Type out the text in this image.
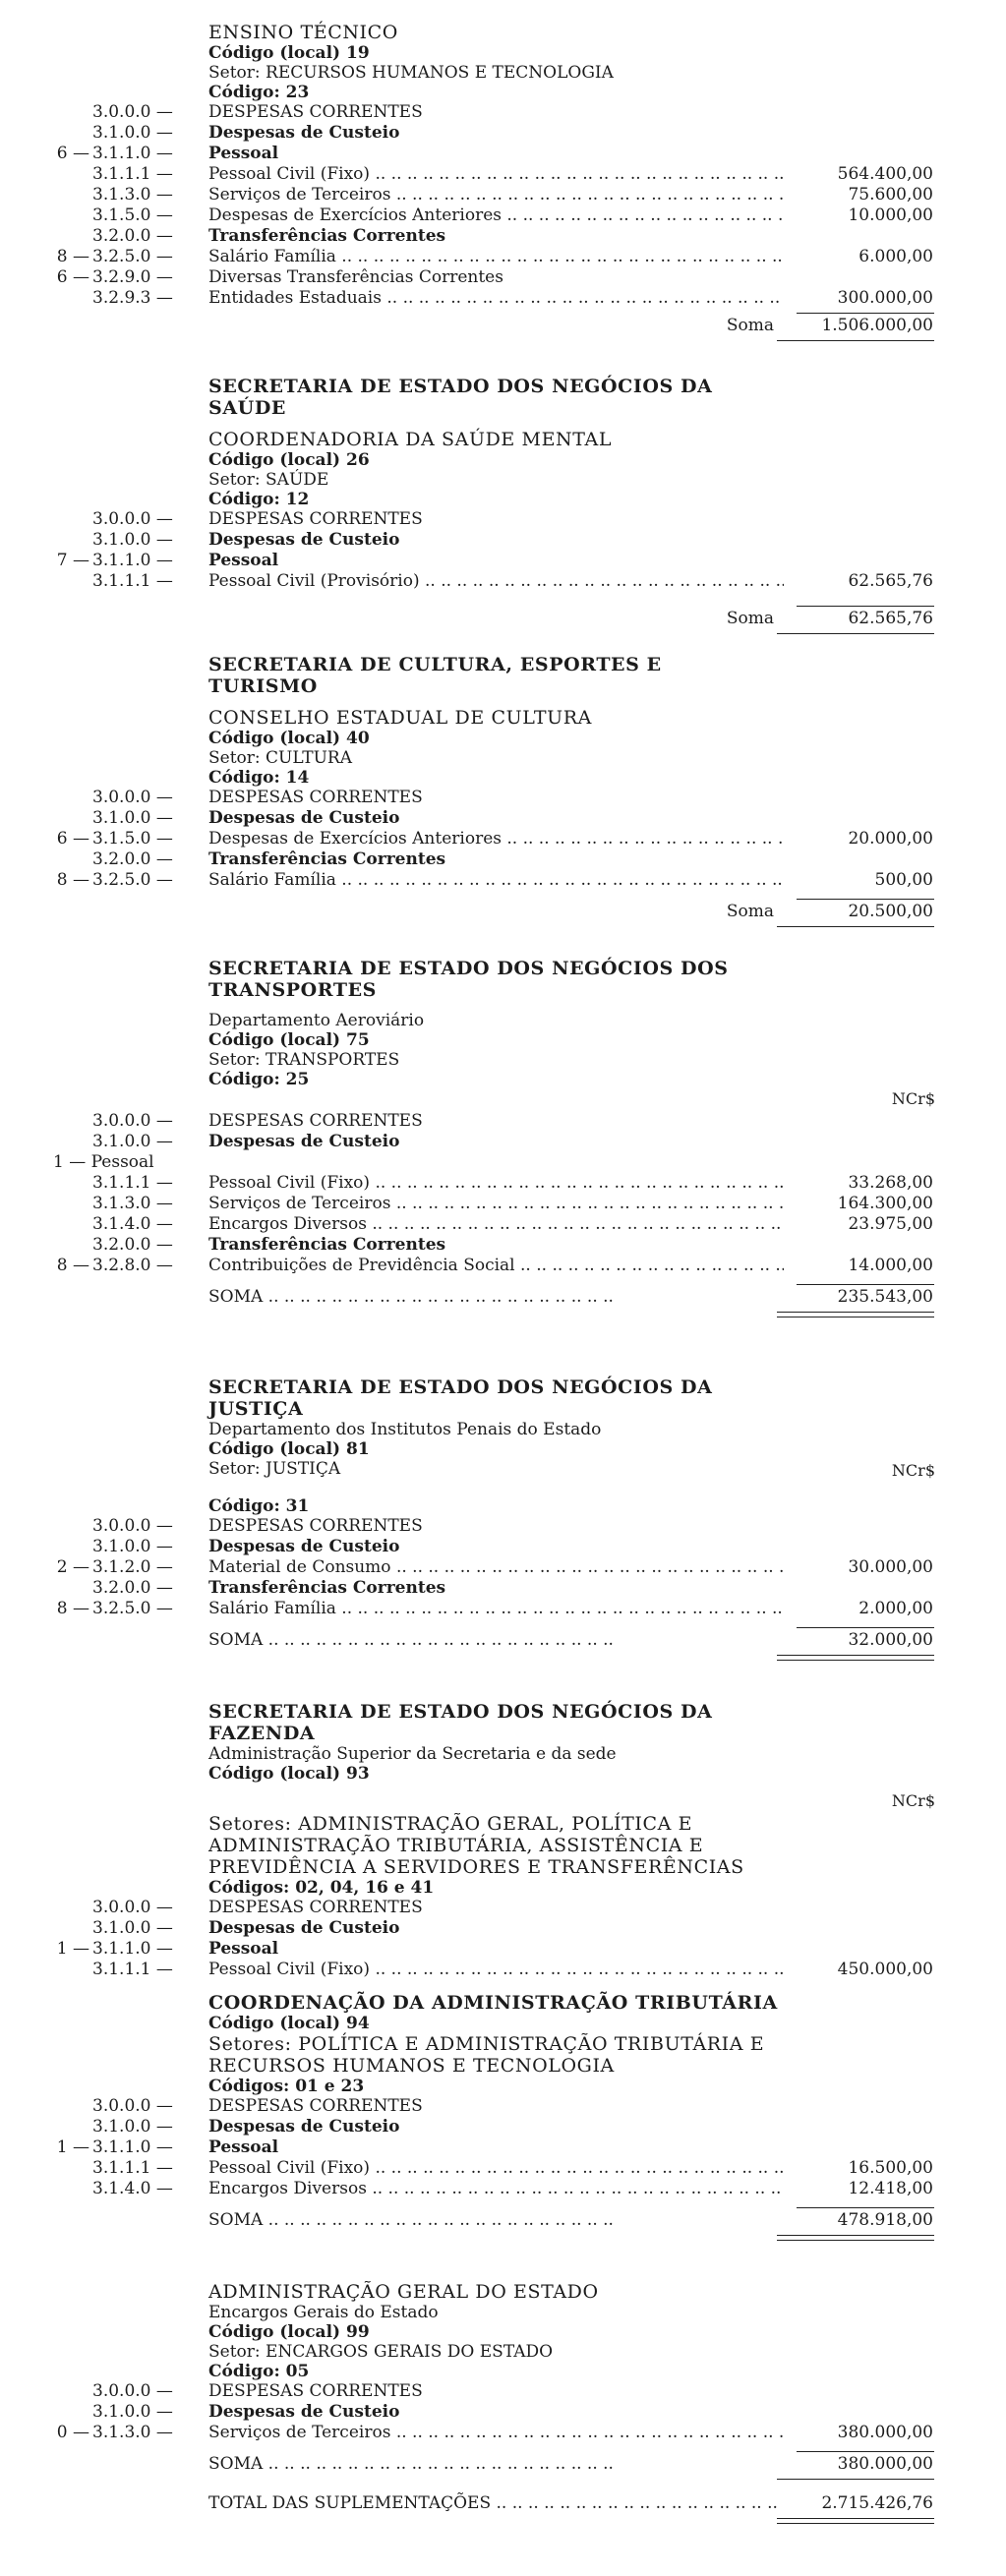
ENSINO TÉCNICO
Código (local) 19
Setor: RECURSOS HUMANOS E TECNOLOGIA
Código: 23
3.0.0.0 — DESPESAS CORRENTES
3.1.0.0 — Despesas de Custeio
6 — 3.1.1.0 — Pessoal
3.1.1.1 — Pessoal Civil (Fixo) .. ..	564.400,00
3.1.3.0 — Serviços de Terceiros .. ..	75.600,00
3.1.5.0 — Despesas de Exercícios Anteriores .. ..	10.000,00
3.2.0.0 — Transferências Correntes
8 — 3.2.5.0 — Salário Família .. ..	6.000,00
6 — 3.2.9.0 — Diversas Transferências Correntes
3.2.9.3 — Entidades Estaduais .. ..	300.000,00
Soma	1.506.000,00
SECRETARIA DE ESTADO DOS NEGÓCIOS DA SAÚDE
COORDENADORIA DA SAÚDE MENTAL
Código (local) 26
Setor: SAÚDE
Código: 12
3.0.0.0 — DESPESAS CORRENTES
3.1.0.0 — Despesas de Custeio
7 — 3.1.1.0 — Pessoal
3.1.1.1 — Pessoal Civil (Provisório) .. ..	62.565,76
Soma	62.565,76
SECRETARIA DE CULTURA, ESPORTES E TURISMO
CONSELHO ESTADUAL DE CULTURA
Código (local) 40
Setor: CULTURA
Código: 14
3.0.0.0 — DESPESAS CORRENTES
3.1.0.0 — Despesas de Custeio
6 — 3.1.5.0 — Despesas de Exercícios Anteriores .. ..	20.000,00
3.2.0.0 — Transferências Correntes
8 — 3.2.5.0 — Salário Família .. ..	500,00
Soma	20.500,00
SECRETARIA DE ESTADO DOS NEGÓCIOS DOS TRANSPORTES
Departamento Aeroviário
Código (local) 75
Setor: TRANSPORTES
Código: 25
NCr$
3.0.0.0 — DESPESAS CORRENTES
3.1.0.0 — Despesas de Custeio
1 — Pessoal
3.1.1.1 — Pessoal Civil (Fixo) .. ..	33.268,00
3.1.3.0 — Serviços de Terceiros .. ..	164.300,00
3.1.4.0 — Encargos Diversos .. ..	23.975,00
3.2.0.0 — Transferências Correntes
8 — 3.2.8.0 — Contribuições de Previdência Social .. ..	14.000,00
SOMA .. ..	235.543,00
SECRETARIA DE ESTADO DOS NEGÓCIOS DA JUSTIÇA
Departamento dos Institutos Penais do Estado
Código (local) 81
Setor: JUSTIÇA	NCr$
Código: 31
3.0.0.0 — DESPESAS CORRENTES
3.1.0.0 — Despesas de Custeio
2 — 3.1.2.0 — Material de Consumo .. ..	30.000,00
3.2.0.0 — Transferências Correntes
8 — 3.2.5.0 — Salário Família .. ..	2.000,00
SOMA .. ..	32.000,00
SECRETARIA DE ESTADO DOS NEGÓCIOS DA FAZENDA
Administração Superior da Secretaria e da sede
Código (local) 93
NCr$
Setores: ADMINISTRAÇÃO GERAL, POLÍTICA E ADMINISTRAÇÃO TRIBUTÁRIA, ASSISTÊNCIA E PREVIDÊNCIA A SERVIDORES E TRANSFERÊNCIAS
Códigos: 02, 04, 16 e 41
3.0.0.0 — DESPESAS CORRENTES
3.1.0.0 — Despesas de Custeio
1 — 3.1.1.0 — Pessoal
3.1.1.1 — Pessoal Civil (Fixo) .. ..	450.000,00
COORDENAÇÃO DA ADMINISTRAÇÃO TRIBUTÁRIA
Código (local) 94
Setores: POLÍTICA E ADMINISTRAÇÃO TRIBUTÁRIA E RECURSOS HUMANOS E TECNOLOGIA
Códigos: 01 e 23
3.0.0.0 — DESPESAS CORRENTES
3.1.0.0 — Despesas de Custeio
1 — 3.1.1.0 — Pessoal
3.1.1.1 — Pessoal Civil (Fixo) .. ..	16.500,00
3.1.4.0 — Encargos Diversos .. ..	12.418,00
SOMA .. ..	478.918,00
ADMINISTRAÇÃO GERAL DO ESTADO
Encargos Gerais do Estado
Código (local) 99
Setor: ENCARGOS GERAIS DO ESTADO
Código: 05
3.0.0.0 — DESPESAS CORRENTES
3.1.0.0 — Despesas de Custeio
0 — 3.1.3.0 — Serviços de Terceiros .. ..	380.000,00
SOMA .. ..	380.000,00
TOTAL DAS SUPLEMENTAÇÕES .. ..	2.715.426,76
